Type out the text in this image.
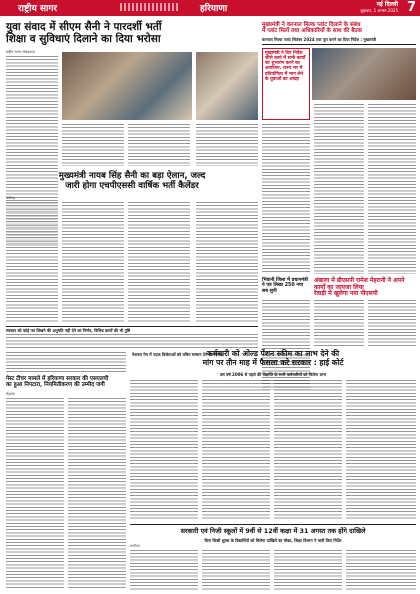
राष्ट्रीय सागर	हरियाणा	नई दिल्ली
शुक्रवार, 1 अगस्त 2025 7
युवा संवाद में सीएम सैनी ने पारदर्शी भर्ती
शिक्षा व सुविधाएं दिलाने का दिया भरोसा
मुख्यमंत्री ने करनाल मिल्क प्लांट दिलाने के संबंध
में प्लांट मिलों तथा अधिकारियों के साथ की बैठक
करनाल मिल्क प्लांट सितंबर 2024 तक पूरा करने का दिया निर्देश : मुख्यमंत्री
राष्ट्रीय सागर संवाददाता	मुख्यमंत्री ने दिए निर्देश ज़ीरो कार्य में सभी कार्यों का शुभारंभ करने का आयोजन, राज्य भर में प्रतियोगिता में भाग लेने के युवाओं का आग्रह
मुख्यमंत्री नायब सिंह सैनी का बड़ा ऐलान, जल्द
जारी होगा एचपीएससी वार्षिक भर्ती कैलेंडर
चंडीगढ़
भिवानी जिला में प्रधानमंत्री ने पत्र लिखा 250 नया सब सुनी
अंबाला में डीएसपी रामेश मेहरानी ने अपने कार्यों का जायजा लिया
रेवाड़ी में खुलेगा नया पीएसपी
सरकार को कोई पत्र लिखने की अनुमति नहीं देने का निर्णय, विभिन्न कार्यों की भी पुष्टि
नेशनल गेम में पदक विजेताओं को उचित सम्मान देने का निर्णय
कर्मचारी को ओल्ड पेंशन स्कीम का लाभ देने की
मांग पर तीन माह में फैसला करे सरकार : हाई कोर्ट
उस वर्ष 2006 से पहले की विज्ञप्ति के सभी कर्मचारियों को मिलेगा लाभ
गेस्ट टीचर मामले में हरियाणा सरकार की एसएलपी
का हुआ निपटारा, नियमितीकरण की उम्मीद जगी
रोहतक
सरकारी एवं निजी स्कूलों में 9वीं से 12वीं कक्षा में 31 अगस्त तक होंगे दाखिले
बिना किसी शुल्क के विद्यार्थियों को मिलेगा दाखिले का मौका, शिक्षा विभाग ने जारी किए निर्देश
पानीपत
